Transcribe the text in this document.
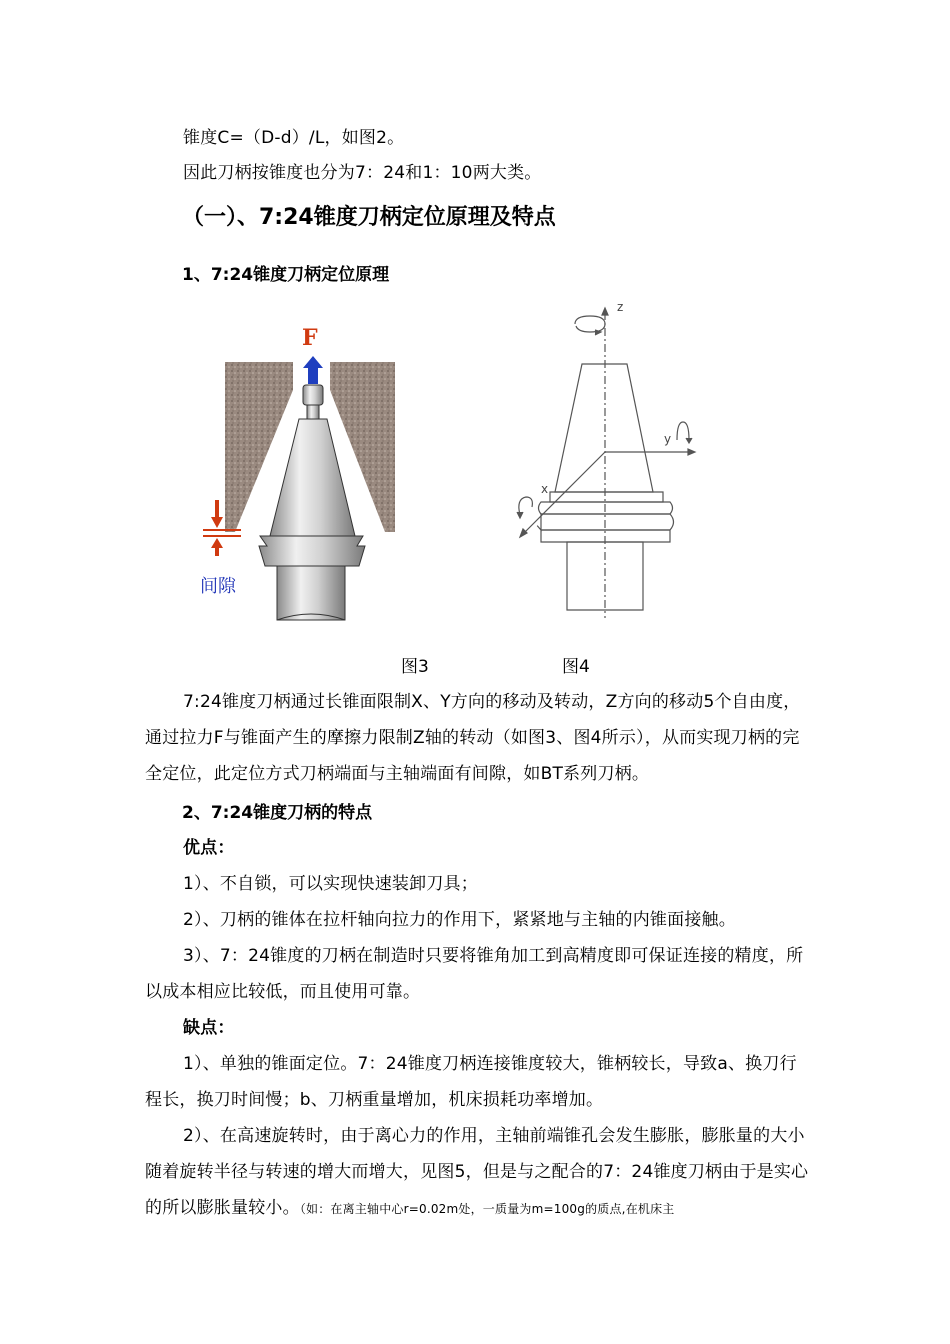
锥度C=（D-d）/L，如图2。

因此刀柄按锥度也分为7：24和1：10两大类。

（一）、7:24锥度刀柄定位原理及特点
1、7:24锥度刀柄定位原理
F
间隙
z
y
x
图3	图4

7:24锥度刀柄通过长锥面限制X、Y方向的移动及转动，Z方向的移动5个自由度，通过拉力F与锥面产生的摩擦力限制Z轴的转动（如图3、图4所示），从而实现刀柄的完全定位，此定位方式刀柄端面与主轴端面有间隙，如BT系列刀柄。

2、7:24锥度刀柄的特点

优点：

1）、不自锁，可以实现快速装卸刀具；

2）、刀柄的锥体在拉杆轴向拉力的作用下，紧紧地与主轴的内锥面接触。

3）、7：24锥度的刀柄在制造时只要将锥角加工到高精度即可保证连接的精度，所以成本相应比较低，而且使用可靠。

缺点：

1）、单独的锥面定位。7：24锥度刀柄连接锥度较大，锥柄较长，导致a、换刀行程长，换刀时间慢；b、刀柄重量增加，机床损耗功率增加。

2）、在高速旋转时，由于离心力的作用，主轴前端锥孔会发生膨胀，膨胀量的大小随着旋转半径与转速的增大而增大，见图5，但是与之配合的7：24锥度刀柄由于是实心的所以膨胀量较小。（如：在离主轴中心r=0.02m处，一质量为m=100g的质点,在机床主
